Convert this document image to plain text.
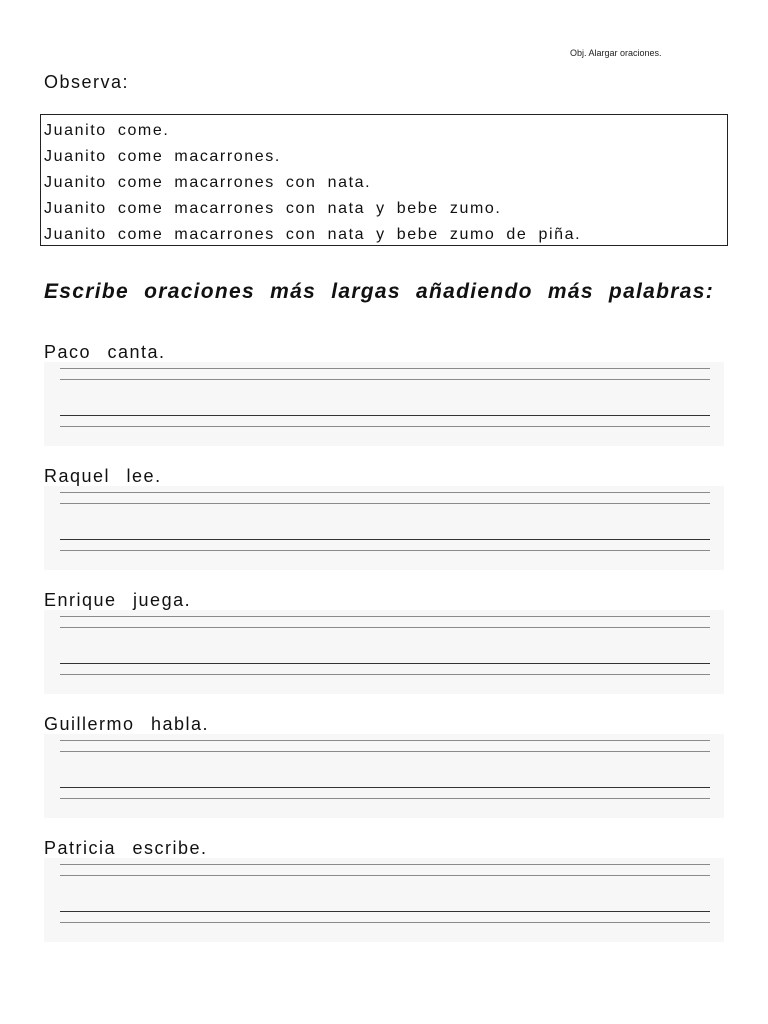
Obj. Alargar oraciones.
Observa:
Juanito come.
Juanito come macarrones.
Juanito come macarrones con nata.
Juanito come macarrones con nata y bebe zumo.
Juanito come macarrones con nata y bebe zumo de piña.
Escribe oraciones más largas añadiendo más palabras:
Paco canta.
Raquel lee.
Enrique juega.
Guillermo habla.
Patricia escribe.
